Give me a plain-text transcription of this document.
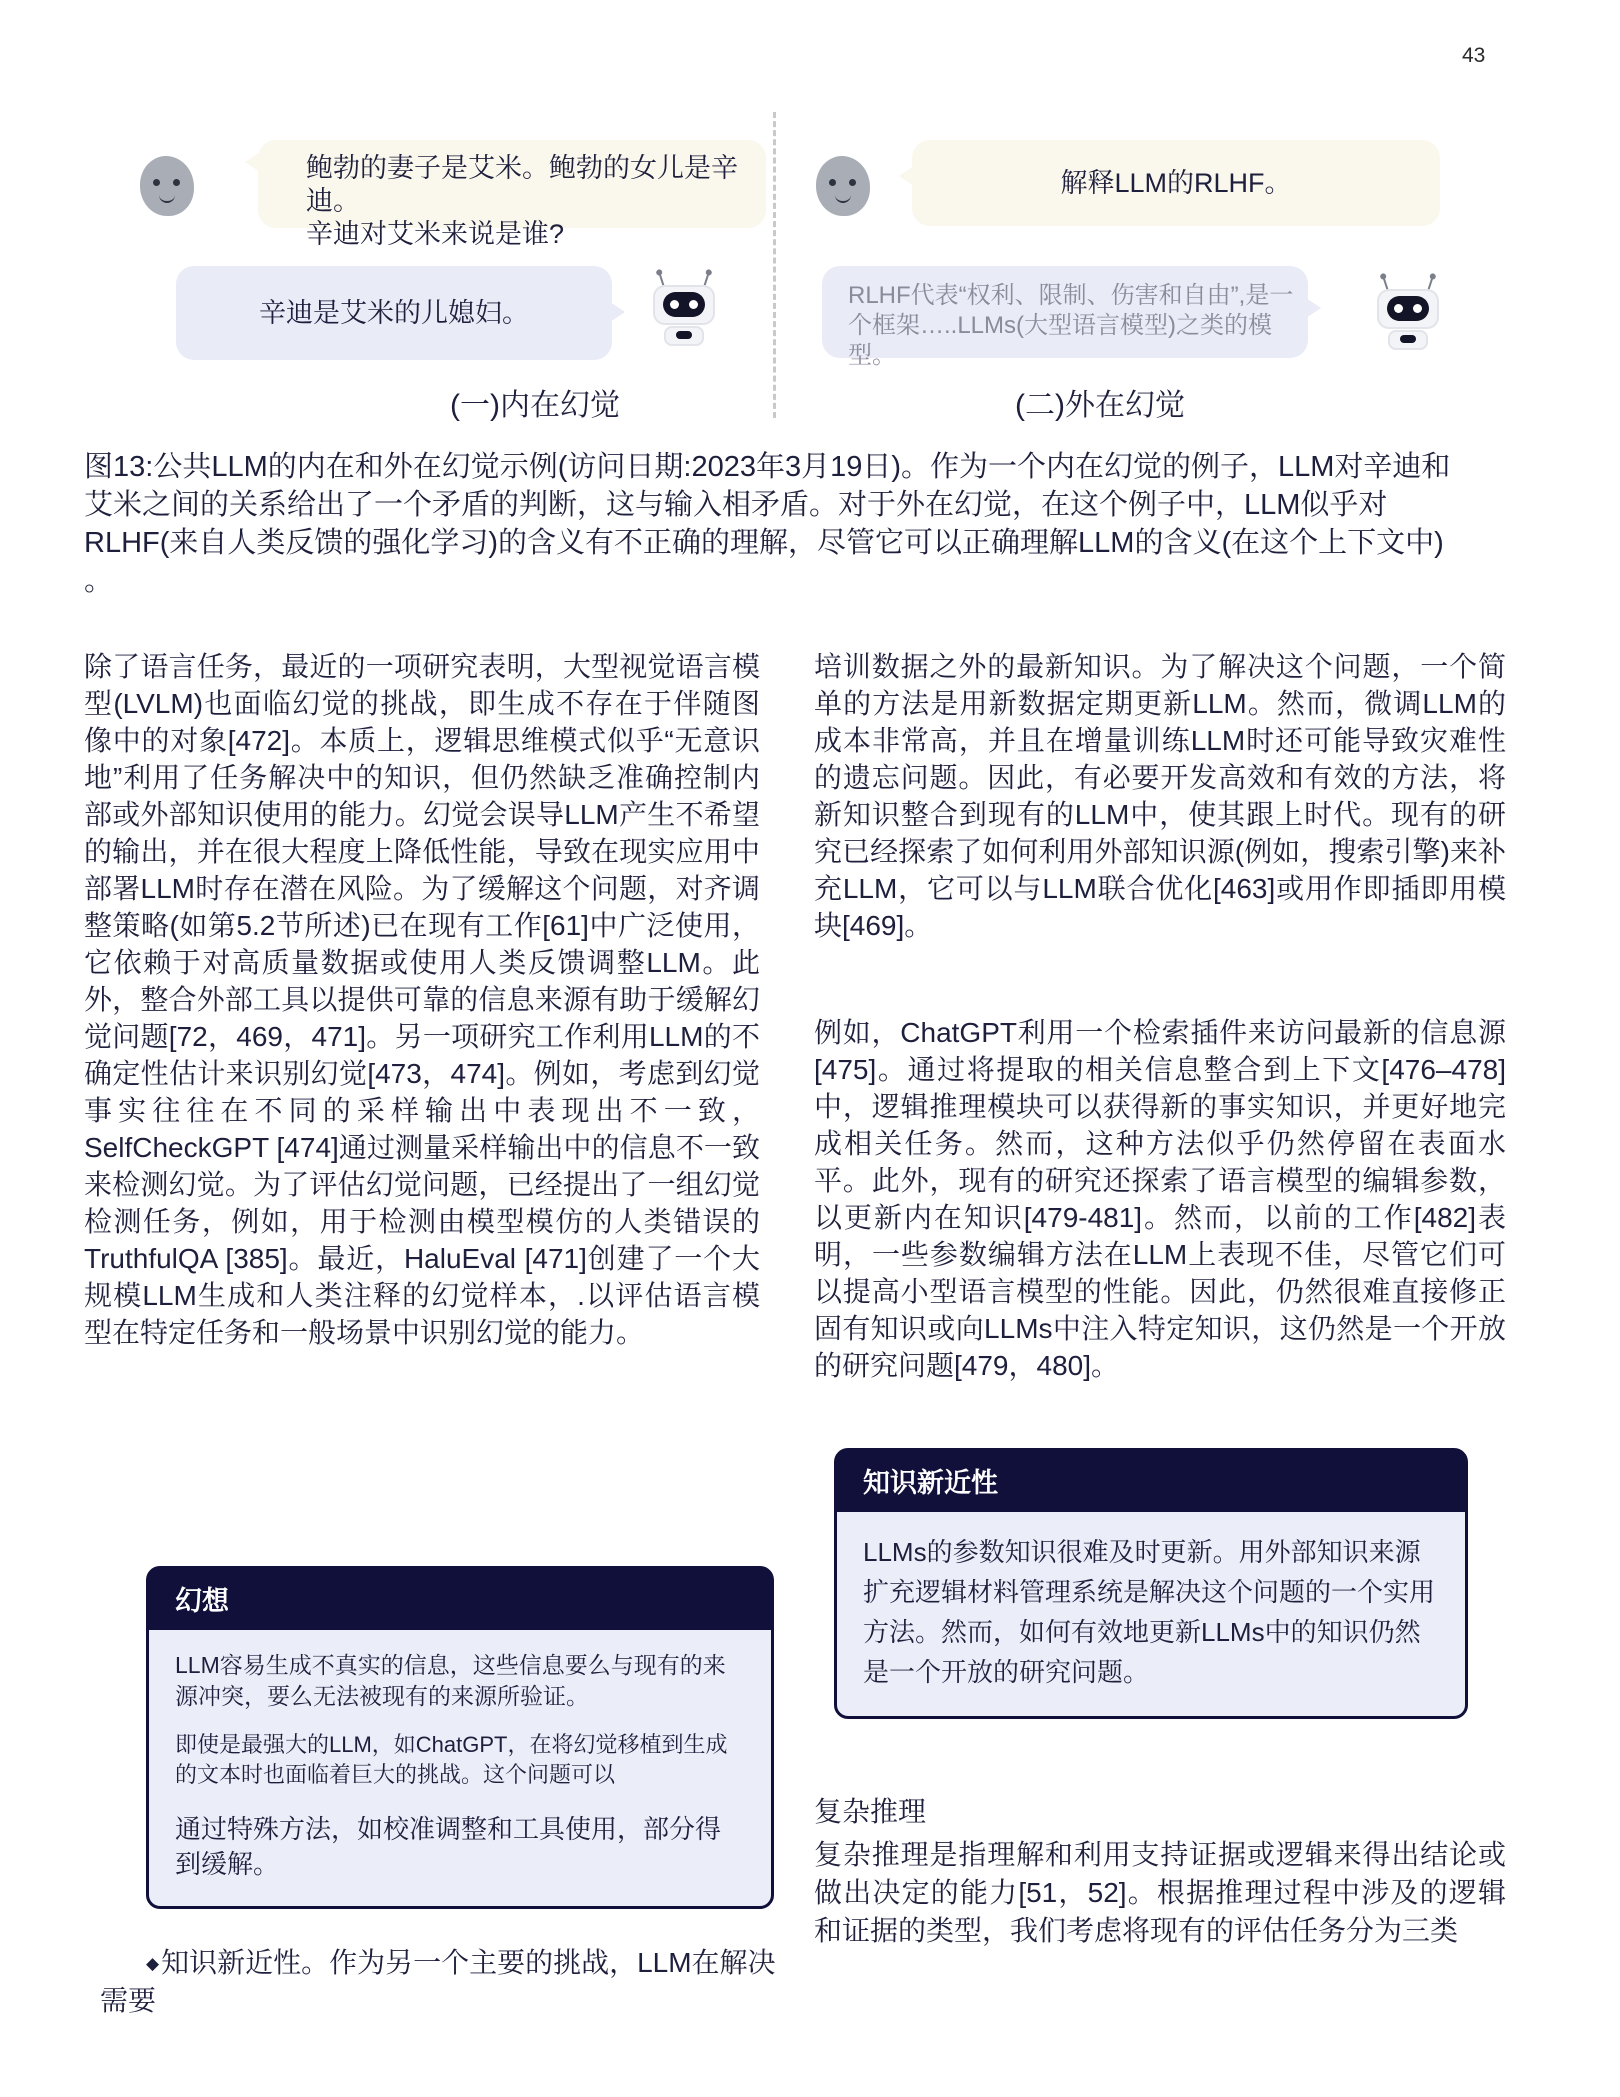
43
鲍勃的妻子是艾米。鲍勃的女儿是辛迪。
辛迪对艾米来说是谁?
辛迪是艾米的儿媳妇。
(一)内在幻觉
解释LLM的RLHF。
RLHF代表“权利、限制、伤害和自由”,是一
个框架…..LLMs(大型语言模型)之类的模型。
(二)外在幻觉
图13:公共LLM的内在和外在幻觉示例(访问日期:2023年3月19日)。作为一个内在幻觉的例子，LLM对辛迪和
艾米之间的关系给出了一个矛盾的判断，这与输入相矛盾。对于外在幻觉，在这个例子中，LLM似乎对
RLHF(来自人类反馈的强化学习)的含义有不正确的理解，尽管它可以正确理解LLM的含义(在这个上下文中)
。
除了语言任务，最近的一项研究表明，大型视觉语言模型(LVLM)也面临幻觉的挑战，即生成不存在于伴随图像中的对象[472]。本质上，逻辑思维模式似乎“无意识地”利用了任务解决中的知识，但仍然缺乏准确控制内部或外部知识使用的能力。幻觉会误导LLM产生不希望的输出，并在很大程度上降低性能，导致在现实应用中部署LLM时存在潜在风险。为了缓解这个问题，对齐调整策略(如第5.2节所述)已在现有工作[61]中广泛使用，它依赖于对高质量数据或使用人类反馈调整LLM。此外，整合外部工具以提供可靠的信息来源有助于缓解幻觉问题[72，469，471]。另一项研究工作利用LLM的不确定性估计来识别幻觉[473，474]。例如，考虑到幻觉事实往往在不同的采样输出中表现出不一致，SelfCheckGPT [474]通过测量采样输出中的信息不一致来检测幻觉。为了评估幻觉问题，已经提出了一组幻觉检测任务，例如，用于检测由模型模仿的人类错误的TruthfulQA [385]。最近，HaluEval [471]创建了一个大规模LLM生成和人类注释的幻觉样本，.以评估语言模型在特定任务和一般场景中识别幻觉的能力。
培训数据之外的最新知识。为了解决这个问题，一个简单的方法是用新数据定期更新LLM。然而，微调LLM的成本非常高，并且在增量训练LLM时还可能导致灾难性的遗忘问题。因此，有必要开发高效和有效的方法，将新知识整合到现有的LLM中，使其跟上时代。现有的研究已经探索了如何利用外部知识源(例如，搜索引擎)来补充LLM，它可以与LLM联合优化[463]或用作即插即用模块[469]。
例如，ChatGPT利用一个检索插件来访问最新的信息源[475]。通过将提取的相关信息整合到上下文[476–478]中，逻辑推理模块可以获得新的事实知识，并更好地完成相关任务。然而，这种方法似乎仍然停留在表面水平。此外，现有的研究还探索了语言模型的编辑参数，以更新内在知识[479-481]。然而，以前的工作[482]表明，一些参数编辑方法在LLM上表现不佳，尽管它们可以提高小型语言模型的性能。因此，仍然很难直接修正固有知识或向LLMs中注入特定知识，这仍然是一个开放的研究问题[479，480]。
知识新近性
LLMs的参数知识很难及时更新。用外部知识来源扩充逻辑材料管理系统是解决这个问题的一个实用方法。然而，如何有效地更新LLMs中的知识仍然是一个开放的研究问题。
幻想

LLM容易生成不真实的信息，这些信息要么与现有的来源冲突，要么无法被现有的来源所验证。

即使是最强大的LLM，如ChatGPT，在将幻觉移植到生成的文本时也面临着巨大的挑战。这个问题可以

通过特殊方法，如校准调整和工具使用，部分得到缓解。

◆知识新近性。作为另一个主要的挑战，LLM在解决
需要
复杂推理
复杂推理是指理解和利用支持证据或逻辑来得出结论或做出决定的能力[51，52]。根据推理过程中涉及的逻辑和证据的类型，我们考虑将现有的评估任务分为三类
